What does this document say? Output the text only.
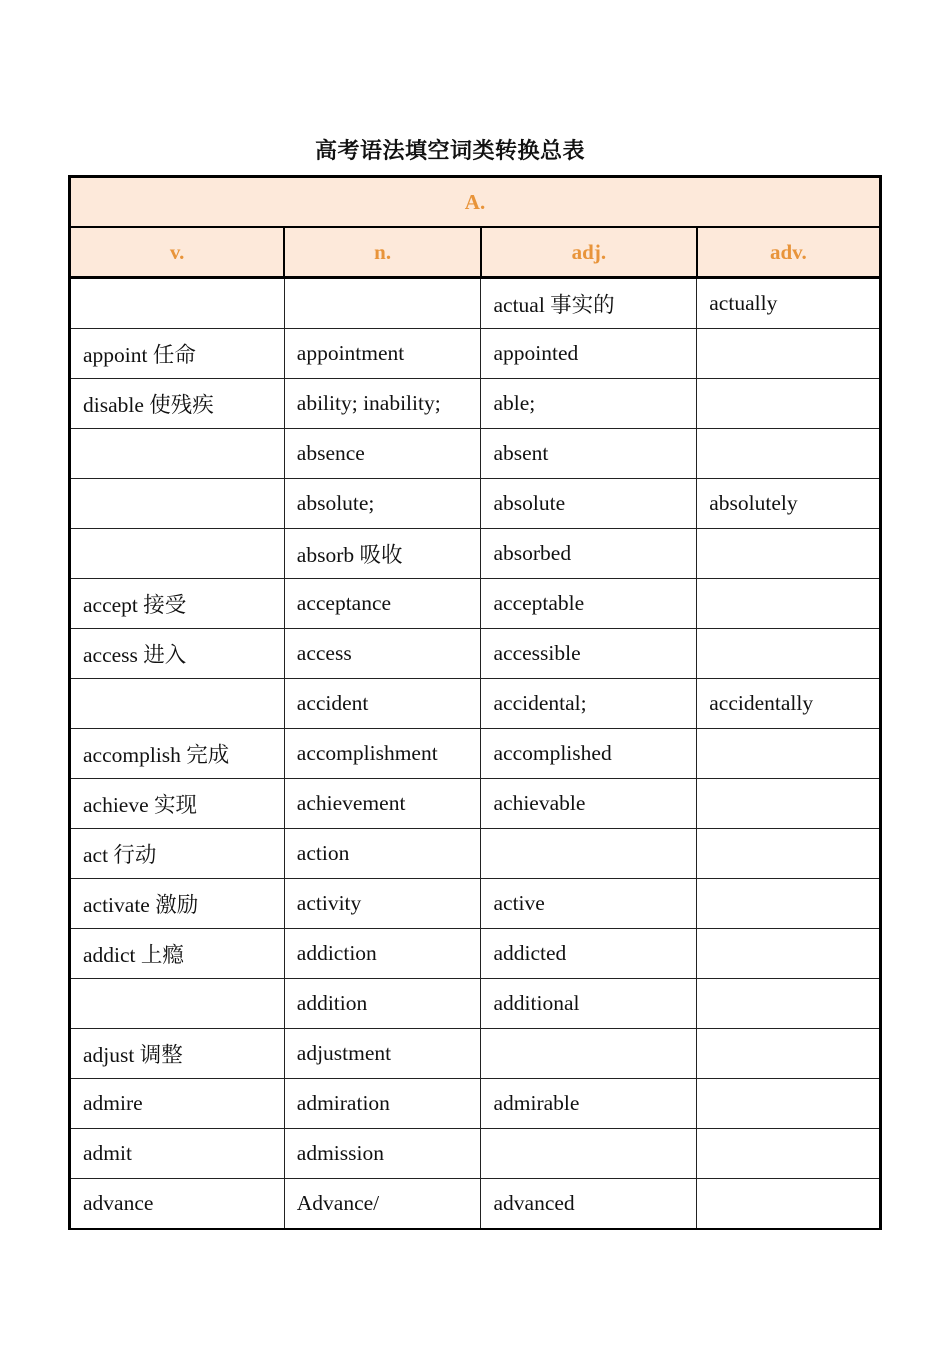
高考语法填空词类转换总表
A.			
v.	n.	adj.	adv.
		actual 事实的	actually
appoint 任命	appointment	appointed	
disable 使残疾	ability; inability;	able;	
	absence	absent	
	absolute;	absolute	absolutely
	absorb 吸收	absorbed	
accept 接受	acceptance	acceptable	
access 进入	access	accessible	
	accident	accidental;	accidentally
accomplish 完成	accomplishment	accomplished	
achieve 实现	achievement	achievable	
act 行动	action		
activate 激励	activity	active	
addict 上瘾	addiction	addicted	
	addition	additional	
adjust 调整	adjustment		
admire	admiration	admirable	
admit	admission		
advance	Advance/	advanced	
